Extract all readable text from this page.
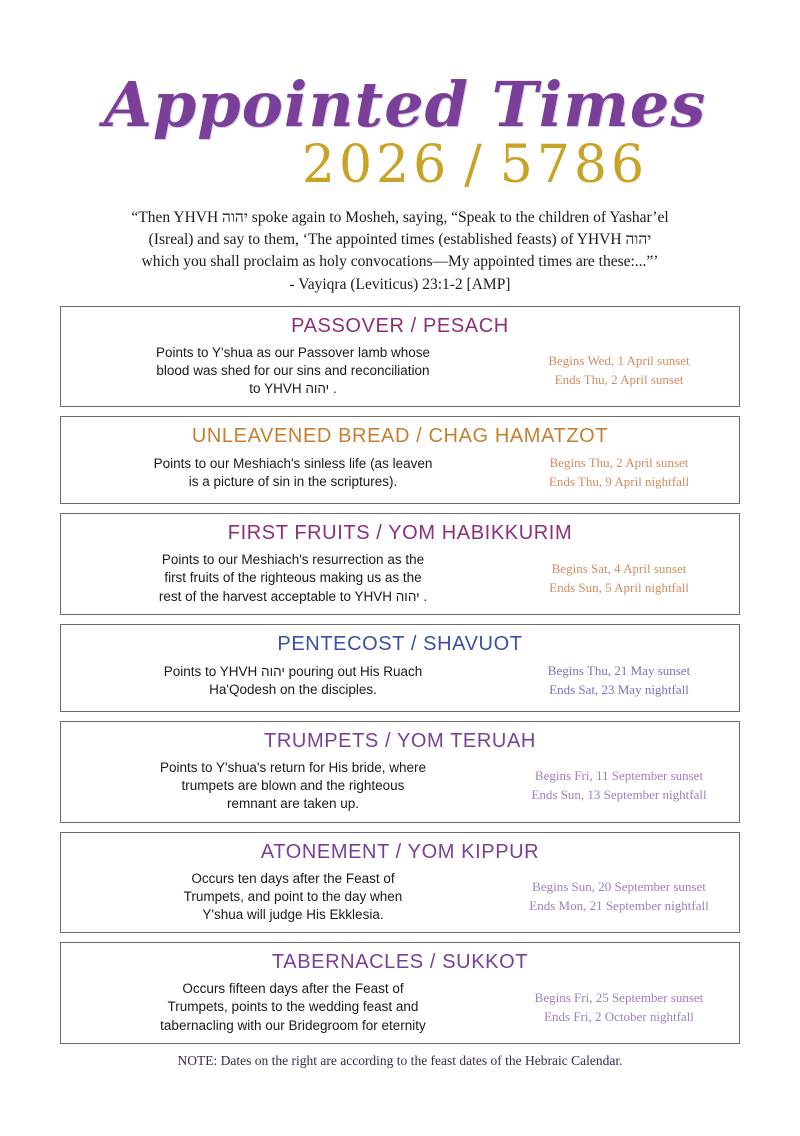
Appointed Times
2026 / 5786
“Then YHVH יהוה spoke again to Mosheh, saying, “Speak to the children of Yashar’el
(Isreal) and say to them, ‘The appointed times (established feasts) of YHVH יהוה
which you shall proclaim as holy convocations—My appointed times are these:...”’
- Vayiqra (Leviticus) 23:1-2 [AMP]
PASSOVER / PESACH
Points to Y'shua as our Passover lamb whose
blood was shed for our sins and reconciliation
to YHVH יהוה .
Begins Wed, 1 April sunset
Ends Thu, 2 April sunset
UNLEAVENED BREAD / CHAG HAMATZOT
Points to our Meshiach's sinless life (as leaven
is a picture of sin in the scriptures).
Begins Thu, 2 April sunset
Ends Thu, 9 April nightfall
FIRST FRUITS / YOM HABIKKURIM
Points to our Meshiach's resurrection as the
first fruits of the righteous making us as the
rest of the harvest acceptable to YHVH יהוה .
Begins Sat, 4 April sunset
Ends Sun, 5 April nightfall
PENTECOST / SHAVUOT
Points to YHVH יהוה pouring out His Ruach
Ha'Qodesh on the disciples.
Begins Thu, 21 May sunset
Ends Sat, 23 May nightfall
TRUMPETS / YOM TERUAH
Points to Y'shua's return for His bride, where
trumpets are blown and the righteous
remnant are taken up.
Begins Fri, 11 September sunset
Ends Sun, 13 September nightfall
ATONEMENT / YOM KIPPUR
Occurs ten days after the Feast of
Trumpets, and point to the day when
Y'shua will judge His Ekklesia.
Begins Sun, 20 September sunset
Ends Mon, 21 September nightfall
TABERNACLES / SUKKOT
Occurs fifteen days after the Feast of
Trumpets, points to the wedding feast and
tabernacling with our Bridegroom for eternity
Begins Fri, 25 September sunset
Ends Fri, 2 October nightfall
NOTE: Dates on the right are according to the feast dates of the Hebraic Calendar.
